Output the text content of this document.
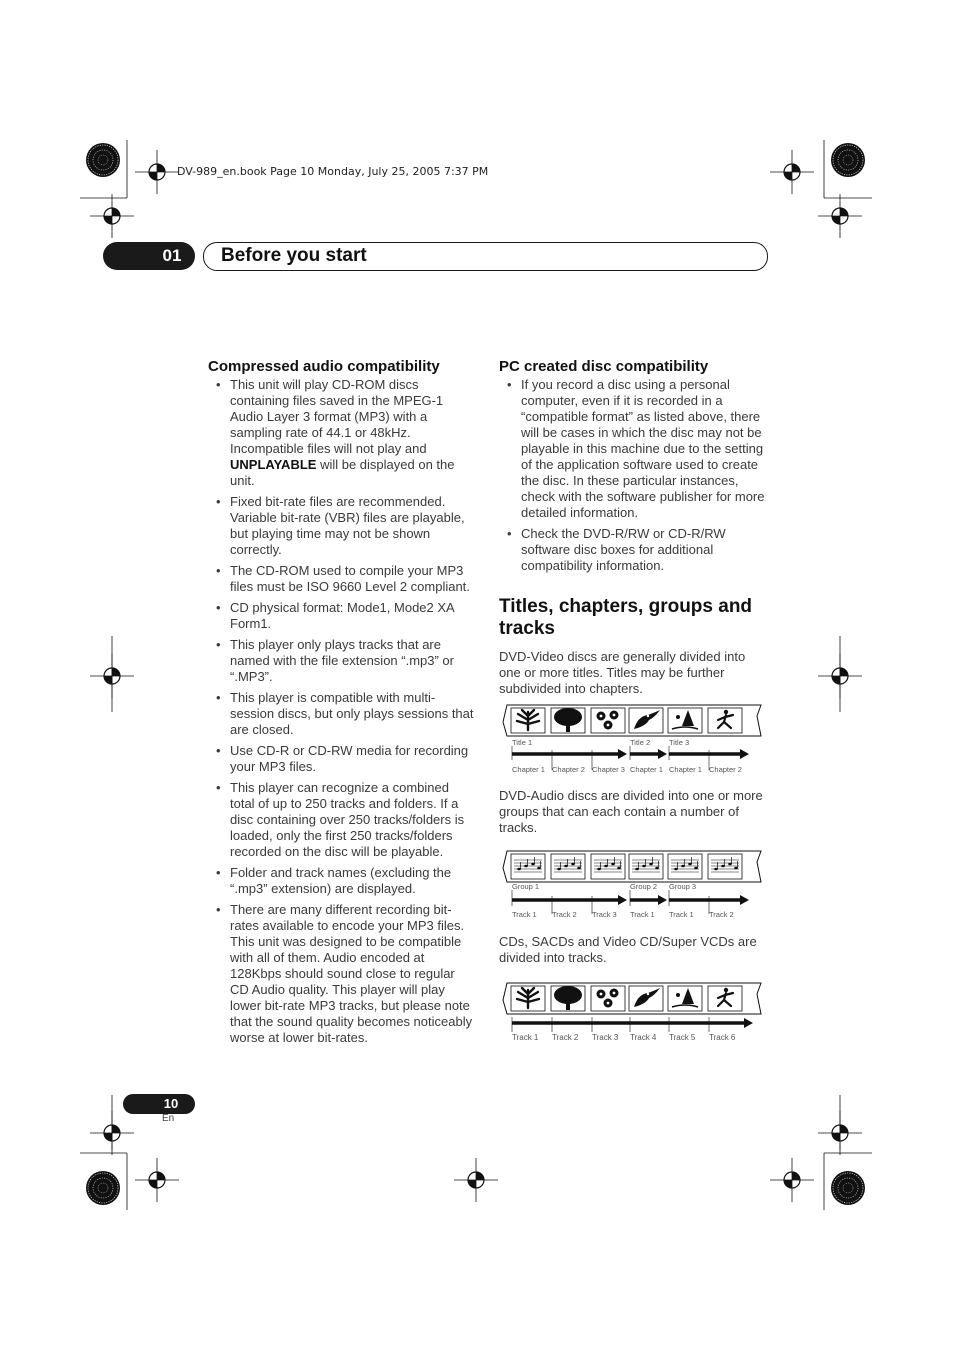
DV-989_en.book Page 10 Monday, July 25, 2005 7:37 PM
01	Before you start
Compressed audio compatibility
• This unit will play CD-ROM discs containing files saved in the MPEG-1 Audio Layer 3 format (MP3) with a sampling rate of 44.1 or 48kHz. Incompatible files will not play and UNPLAYABLE will be displayed on the unit.
• Fixed bit-rate files are recommended. Variable bit-rate (VBR) files are playable, but playing time may not be shown correctly.
• The CD-ROM used to compile your MP3 files must be ISO 9660 Level 2 compliant.
• CD physical format: Mode1, Mode2 XA Form1.
• This player only plays tracks that are named with the file extension “.mp3” or “.MP3”.
• This player is compatible with multi-session discs, but only plays sessions that are closed.
• Use CD-R or CD-RW media for recording your MP3 files.
• This player can recognize a combined total of up to 250 tracks and folders. If a disc containing over 250 tracks/folders is loaded, only the first 250 tracks/folders recorded on the disc will be playable.
• Folder and track names (excluding the “.mp3” extension) are displayed.
• There are many different recording bit-rates available to encode your MP3 files. This unit was designed to be compatible with all of them. Audio encoded at 128Kbps should sound close to regular CD Audio quality. This player will play lower bit-rate MP3 tracks, but please note that the sound quality becomes noticeably worse at lower bit-rates.
PC created disc compatibility
• If you record a disc using a personal computer, even if it is recorded in a “compatible format” as listed above, there will be cases in which the disc may not be playable in this machine due to the setting of the application software used to create the disc. In these particular instances, check with the software publisher for more detailed information.
• Check the DVD-R/RW or CD-R/RW software disc boxes for additional compatibility information.
Titles, chapters, groups and tracks

DVD-Video discs are generally divided into one or more titles. Titles may be further subdivided into chapters.

Title 1	Title 2	Title 3
Chapter 1 Chapter 2 Chapter 3 Chapter 1 Chapter 1 Chapter 2

DVD-Audio discs are divided into one or more groups that can each contain a number of tracks.

Group 1	Group 2 Group 3
Track 1 Track 2 Track 3 Track 1 Track 1 Track 2

CDs, SACDs and Video CD/Super VCDs are divided into tracks.

Track 1 Track 2 Track 3 Track 4 Track 5 Track 6
10
En
